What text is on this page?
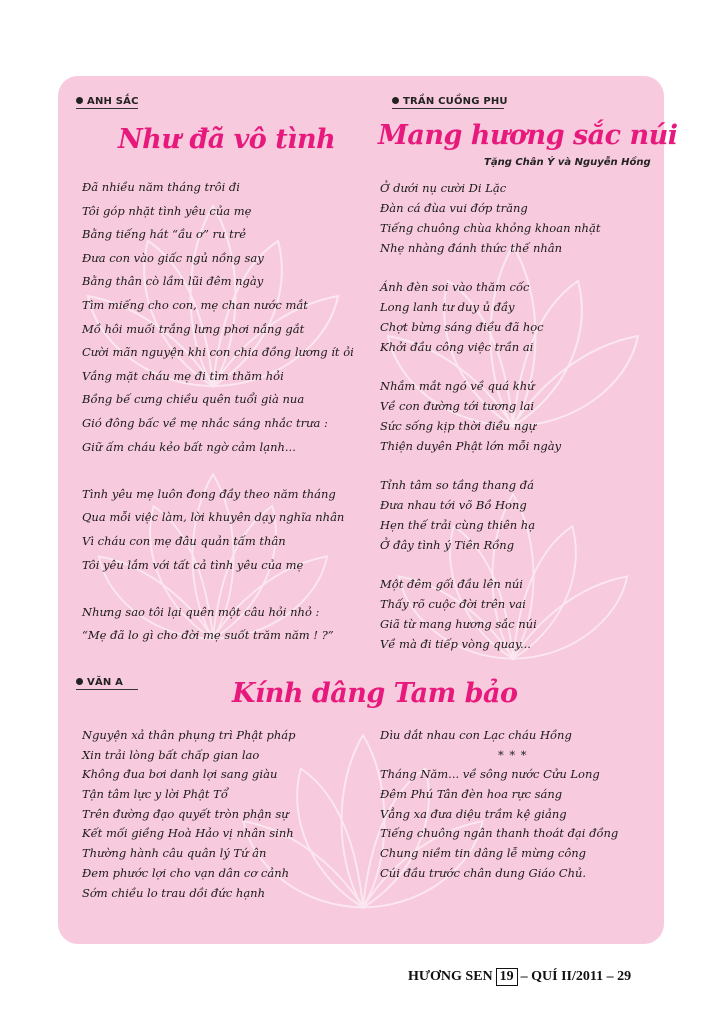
ANH SẮC
Như đã vô tình
Đã nhiều năm tháng trôi đi
Tôi góp nhặt tình yêu của mẹ
Bằng tiếng hát “ầu ơ” ru trẻ
Đưa con vào giấc ngủ nồng say
Bằng thân cò lầm lũi đêm ngày
Tìm miếng cho con, mẹ chan nước mắt
Mồ hôi muối trắng lưng phơi nắng gắt
Cười mãn nguyện khi con chia đồng lương ít ỏi
Vắng mặt cháu mẹ đi tìm thăm hỏi
Bồng bế cưng chiều quên tuổi già nua
Gió đông bấc về mẹ nhắc sáng nhắc trưa :
Giữ ấm cháu kẻo bất ngờ cảm lạnh...
Tình yêu mẹ luôn đong đầy theo năm tháng
Qua mỗi việc làm, lời khuyên dạy nghĩa nhân
Vì cháu con mẹ đâu quản tấm thân
Tôi yêu lắm với tất cả tình yêu của mẹ
Nhưng sao tôi lại quên một câu hỏi nhỏ :
“Mẹ đã lo gì cho đời mẹ suốt trăm năm ! ?”
TRẦN CUỒNG PHU
Mang hương sắc núi
Tặng Chân Ý và Nguyễn Hồng
Ở dưới nụ cười Di Lặc
Đàn cá đùa vui đớp trăng
Tiếng chuông chùa khỏng khoan nhặt
Nhẹ nhàng đánh thức thế nhân
Ánh đèn soi vào thăm cốc
Long lanh tư duy ủ đầy
Chợt bừng sáng điều đã học
Khởi đầu công việc trần ai
Nhắm mắt ngó về quá khứ
Về con đường tới tương lai
Sức sống kịp thời điều ngự
Thiện duyên Phật lớn mỗi ngày
Tỉnh tâm so tầng thang đá
Đưa nhau tới võ Bồ Hong
Hẹn thế trải cùng thiên hạ
Ở đây tình ý Tiên Rồng
Một đêm gối đầu lên núi
Thấy rõ cuộc đời trên vai
Giã từ mang hương sắc núi
Về mà đi tiếp vòng quay...
VĂN A	Kính dâng Tam bảo
Nguyện xả thân phụng trì Phật pháp
Xin trải lòng bất chấp gian lao
Không đua bơi danh lợi sang giàu
Tận tâm lực y lời Phật Tổ
Trên đường đạo quyết tròn phận sự
Kết mối giềng Hoà Hảo vị nhân sinh
Thường hành câu quân lý Tứ ân
Đem phước lợi cho vạn dân cơ cảnh
Sớm chiều lo trau dồi đức hạnh
Dìu dắt nhau con Lạc cháu Hồng
* * *
Tháng Năm... về sông nước Cửu Long
Đêm Phú Tân đèn hoa rực sáng
Vẳng xa đưa diệu trầm kệ giảng
Tiếng chuông ngân thanh thoát đại đồng
Chung niềm tin dâng lễ mừng công
Cúi đầu trước chân dung Giáo Chủ.
HƯƠNG SEN 19 – QUÍ II/2011 – 29
